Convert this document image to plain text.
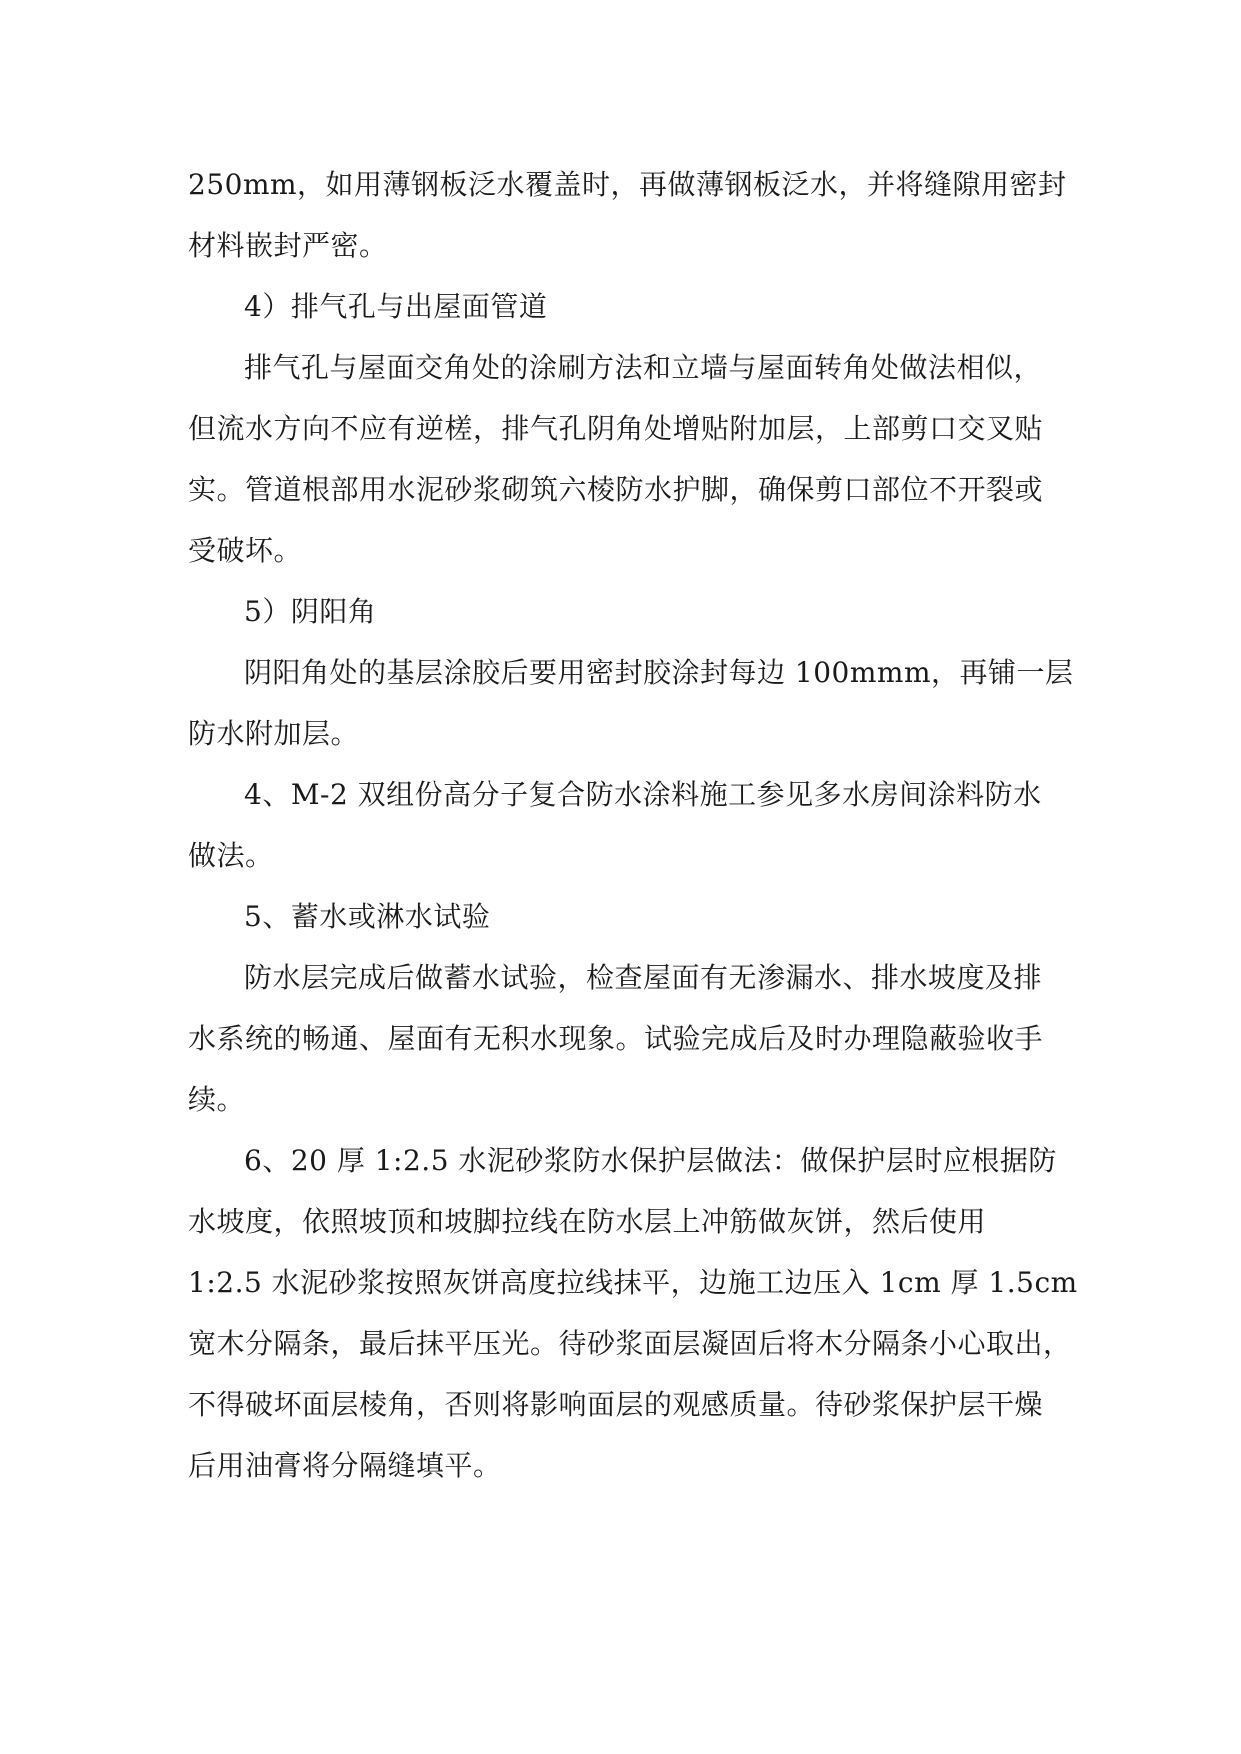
250mm，如用薄钢板泛水覆盖时，再做薄钢板泛水，并将缝隙用密封
材料嵌封严密。

4）排气孔与出屋面管道

排气孔与屋面交角处的涂刷方法和立墙与屋面转角处做法相似，
但流水方向不应有逆槎，排气孔阴角处增贴附加层，上部剪口交叉贴
实。管道根部用水泥砂浆砌筑六棱防水护脚，确保剪口部位不开裂或
受破坏。

5）阴阳角

阴阳角处的基层涂胶后要用密封胶涂封每边 100mmm，再铺一层
防水附加层。

4、M-2 双组份高分子复合防水涂料施工参见多水房间涂料防水
做法。

5、蓄水或淋水试验

防水层完成后做蓄水试验，检查屋面有无渗漏水、排水坡度及排
水系统的畅通、屋面有无积水现象。试验完成后及时办理隐蔽验收手
续。

6、20 厚 1:2.5 水泥砂浆防水保护层做法：做保护层时应根据防
水坡度，依照坡顶和坡脚拉线在防水层上冲筋做灰饼，然后使用
1:2.5 水泥砂浆按照灰饼高度拉线抹平，边施工边压入 1cm 厚 1.5cm
宽木分隔条，最后抹平压光。待砂浆面层凝固后将木分隔条小心取出，
不得破坏面层棱角，否则将影响面层的观感质量。待砂浆保护层干燥
后用油膏将分隔缝填平。
